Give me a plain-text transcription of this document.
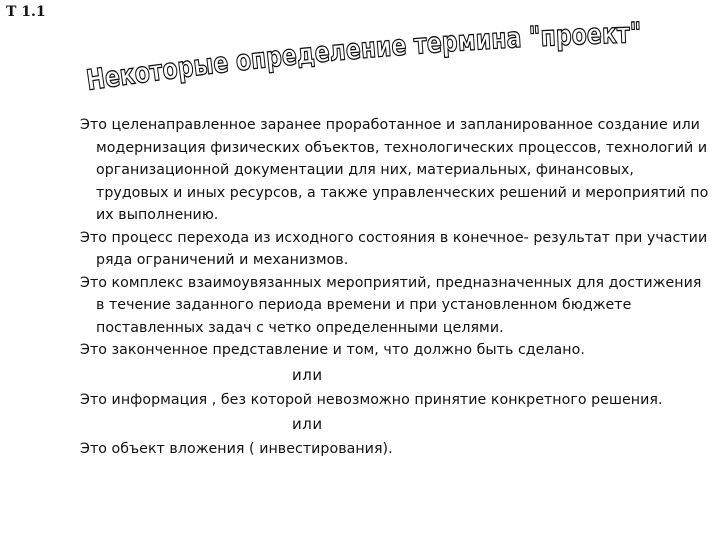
Т 1.1
Некоторые определение термина "проект"

Это целенаправленное заранее проработанное и запланированное создание или модернизация физических объектов, технологических процессов, технологий и организационной документации для них, материальных, финансовых, трудовых и иных ресурсов, а также управленческих решений и мероприятий по их выполнению.

Это процесс перехода из исходного состояния в конечное- результат при участии ряда ограничений и механизмов.

Это комплекс взаимоувязанных мероприятий, предназначенных для достижения в течение заданного периода времени и при установленном бюджете поставленных задач с четко определенными целями.

Это законченное представление и том, что должно быть сделано.

или

Это информация , без которой невозможно принятие конкретного решения.

или

Это объект вложения ( инвестирования).
